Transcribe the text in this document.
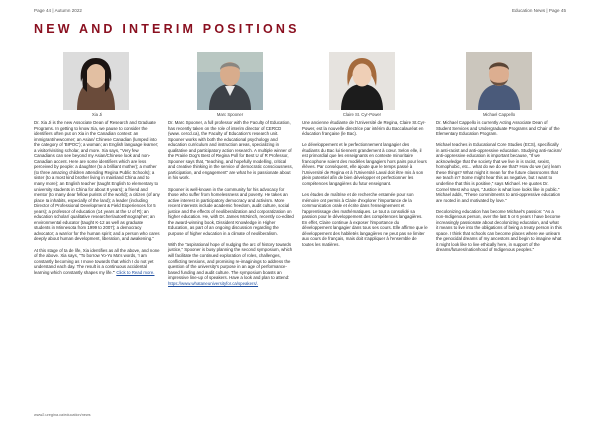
Page 44 | Autumn 2022	Education News | Page 45
NEW AND INTERIM POSITIONS
Xia Ji	Marc Spooner	Claire St. Cyr-Power	Michael Cappello

Dr. Xia Ji is the new Associate Dean of Research and Graduate Programs. In getting to know Xia, we pause to consider the identifiers often put on Xia in the Canadian context: an immigrant/newcomer; an Asian/ Chinese Canadian (lumped into the category of 'BIPOC'); a woman; an English language learner; a visitor/visiting scholar, and more. Xia says, "Very few Canadians can see beyond my Asian/Chinese look and non-Canadian accent. Here are some identifiers which are less perceived by people: a daughter (to a brilliant mother); a mother (to three amazing children attending Regina Public Schools); a sister (to a most kind brother living in mainland China and to many more); an English teacher (taught English to elementary to university students in China for about 8 years); a friend and mentor (to many dear fellow purists of the world); a citizen (of any place Ia inhabits, especially of the land); a leader (including Director of Professional Development & Field Experiences for 5 years); a professor of education (14 years at the U of R); an education scholar/ qualitative researcher/autoethnographer; an environmental educator (taught K-12 as well as graduate students in Minnesota from 1999 to 2007); a democracy advocator; a warrior for the human spirit; and a person who cares deeply about human development, liberation, and awakening."

At this stage of ta de life, Xia identifies as all the above, and none of the above. Xia says, "To borrow Yo-Yo Ma's words, 'I am constantly becoming as I move towards that which I do not yet understand each day. The result is a continuous accidental learning which constantly shapes my life.'" Click to Read more.

Dr. Marc Spooner, a full professor with the Faculty of Education, has recently taken on the role of interim director of CERCD (www. cercd.ca), the Faculty of Education's research unit. Spooner works with both the educational psychology and education curriculum and instruction areas, specializing in qualitative and participatory action research. A multiple winner of the Prairie Dog's Best of Regina Poll for Best U of R Professor, Spooner says that, "teaching, and hopefully modelling, critical and creative thinking in the service of democratic consciousness, participation, and engagement" are what he is passionate about in his work.

Spooner is well-known in the community for his advocacy for those who suffer from homelessness and poverty. He takes an active interest in participatory democracy and activism. More recent interests include academic freedom, audit culture, social justice and the effects of neoliberalization and corporatization on higher education. He, with Dr. James McNinch, recently co-edited the award-winning book, Dissident Knowledge in Higher Education, as part of an ongoing discussion regarding the purpose of higher education in a climate of neoliberalism.

With the "aspirational hope of nudging the arc of history towards justice," Spooner is busy planning the second symposium, which will facilitate the continued exploration of roles, challenges, conflicting tensions, and promising re-imaginings to address the question of the university's purpose in an age of performance-based funding and audit culture. The symposium boasts an impressive line-up of speakers. Have a look and plan to attend: https://www.whataneuniversityfor.ca/speakers/.

Une ancienne étudiante de l'Université de Regina, Claire St.Cyr-Power, est la nouvelle directrice par intérim du Baccalauréat en éducation française (le Bac).

Le développement et le perfectionnement langagier des étudiants du Bac lui tiennent grandement à cœur. Selon elle, il est primordial que les enseignants en contexte minoritaire francophone soient des modèles langagiers hors pairs pour leurs élèves. Par conséquent, elle ajoute que le temps passé à l'Université de Regina et à l'Université Laval doit être mis à son plein potentiel afin de bien développer et perfectionner les compétences langagières du futur enseignant.

Les études de maîtrise et de recherche entamée pour son mémoire ont permis à Claire d'explorer l'importance de la communication orale et écrite dans l'enseignement et l'apprentissage des mathématiques. Le tout a consolidé sa passion pour le développement des compétences langagières. En effet, Claire continue à exposer l'importance du développement langagier dans tous ses cours. Elle affirme que le développement des habiletés langagières ne peut pas se limiter aux cours de français, mais doit s'appliquer à l'ensemble de toutes les matières.

Dr. Michael Cappello is currently Acting Associate Dean of Student Services and Undergraduate Programs and Chair of the Elementary Education Program.

Michael teaches in Educational Core Studies (ECS), specifically in anti-racist and anti-oppressive education. Studying anti-racism/ anti-oppressive education is important because, "If we acknowledge that the society that we live in is racist, sexist, homophobic, etc... what do we do we that? How do we (un) learn these things? What might it mean for the future classrooms that we teach in? Some might hear this as negative, but I want to underline that this is positive," says Michael. He quotes Dr. Cornel West who says, "Justice is what love looks like in public." Michael adds, "These commitments to anti-oppressive education are rooted in and motivated by love."

Decolonizing education has become Michael's passion: "As a non-Indigenous person, over the last 5 or 6 years I have become increasingly passionate about decolonizing education, and what it means to live into the obligations of being a treaty person in this space. I think that schools can become places where we unlearn the genocidal dreams of my ancestors and begin to imagine what it might look like to live ethically here, in support of the dreams/futures/nationhood of Indigenous peoples."

www2.uregina.ca/education/news
